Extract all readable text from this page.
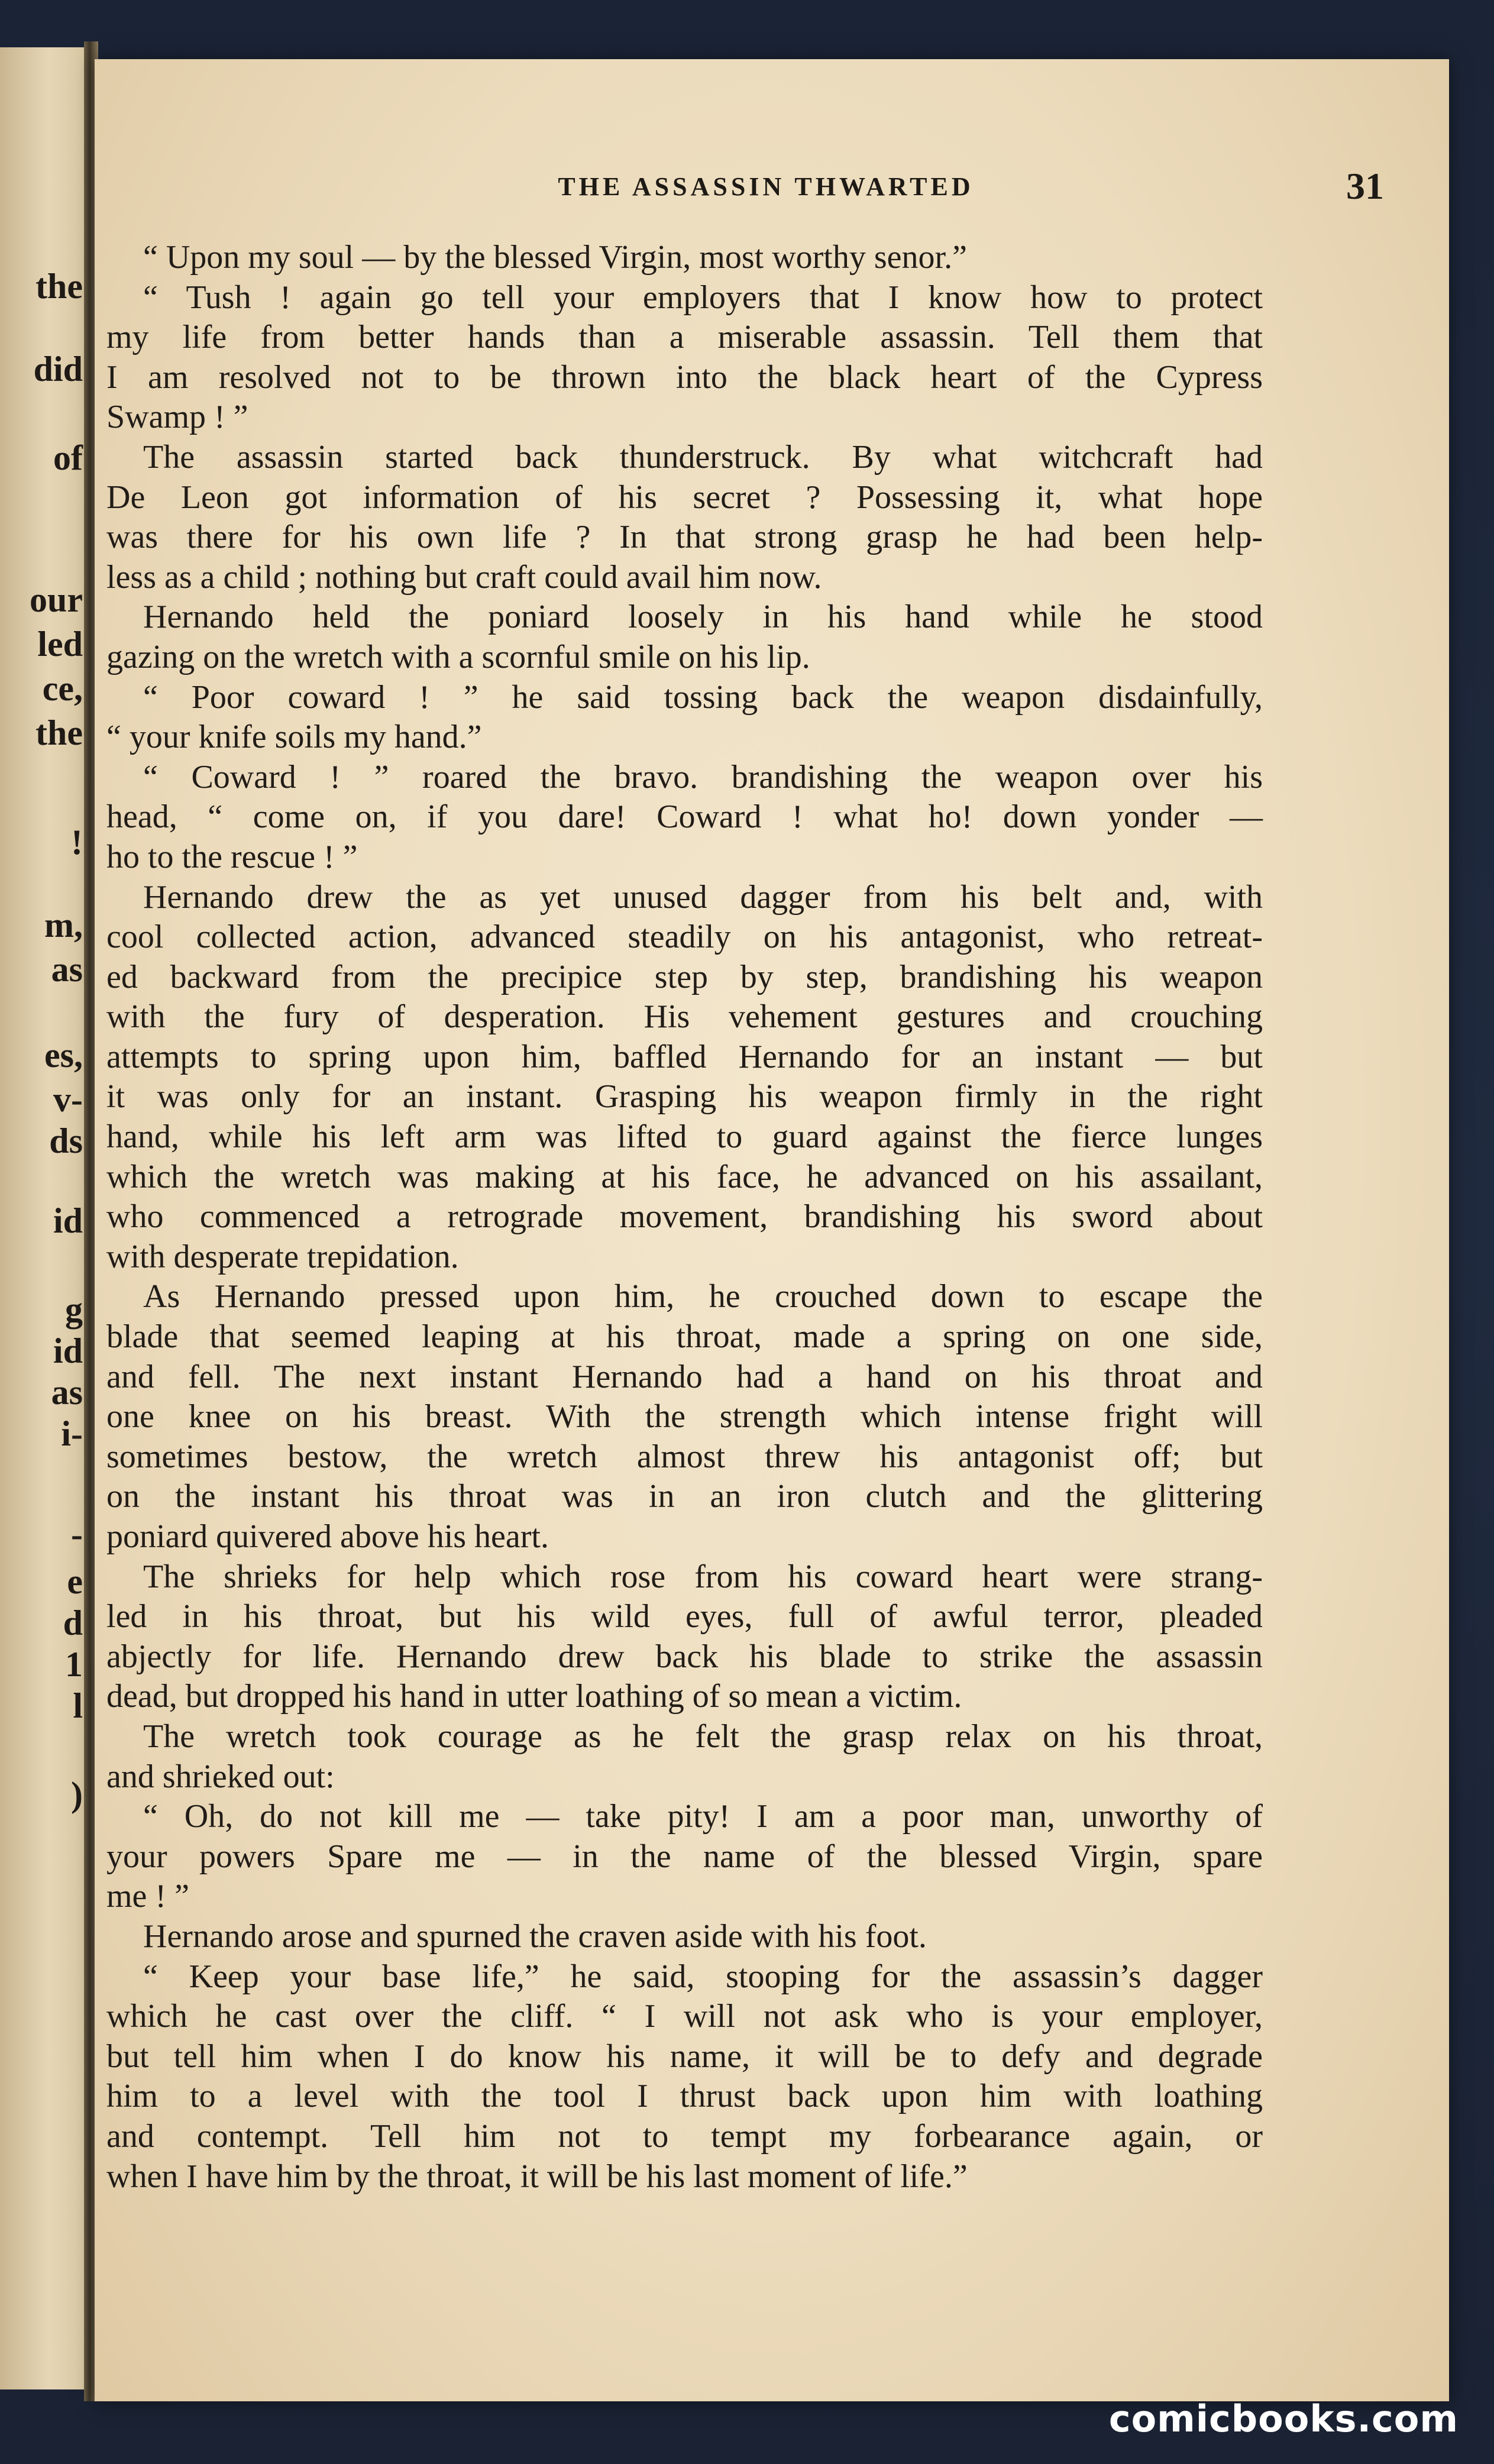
the
did
of
our
led
ce,
the
!
m,
as
es,
v-
ds
id
g
id
as
i-
-
e
d
1
l
)
THE ASSASSIN THWARTED	31
“ Upon my soul — by the blessed Virgin, most worthy senor.”
“ Tush ! again go tell your employers that I know how to protect
my life from better hands than a miserable assassin. Tell them that
I am resolved not to be thrown into the black heart of the Cypress
Swamp ! ”
The assassin started back thunderstruck. By what witchcraft had
De Leon got information of his secret ? Possessing it, what hope
was there for his own life ? In that strong grasp he had been help-
less as a child ; nothing but craft could avail him now.
Hernando held the poniard loosely in his hand while he stood
gazing on the wretch with a scornful smile on his lip.
“ Poor coward ! ” he said tossing back the weapon disdainfully,
“ your knife soils my hand.”
“ Coward ! ” roared the bravo. brandishing the weapon over his
head, “ come on, if you dare! Coward ! what ho! down yonder —
ho to the rescue ! ”
Hernando drew the as yet unused dagger from his belt and, with
cool collected action, advanced steadily on his antagonist, who retreat-
ed backward from the precipice step by step, brandishing his weapon
with the fury of desperation. His vehement gestures and crouching
attempts to spring upon him, baffled Hernando for an instant — but
it was only for an instant. Grasping his weapon firmly in the right
hand, while his left arm was lifted to guard against the fierce lunges
which the wretch was making at his face, he advanced on his assailant,
who commenced a retrograde movement, brandishing his sword about
with desperate trepidation.
As Hernando pressed upon him, he crouched down to escape the
blade that seemed leaping at his throat, made a spring on one side,
and fell. The next instant Hernando had a hand on his throat and
one knee on his breast. With the strength which intense fright will
sometimes bestow, the wretch almost threw his antagonist off; but
on the instant his throat was in an iron clutch and the glittering
poniard quivered above his heart.
The shrieks for help which rose from his coward heart were strang-
led in his throat, but his wild eyes, full of awful terror, pleaded
abjectly for life. Hernando drew back his blade to strike the assassin
dead, but dropped his hand in utter loathing of so mean a victim.
The wretch took courage as he felt the grasp relax on his throat,
and shrieked out:
“ Oh, do not kill me — take pity! I am a poor man, unworthy of
your powers Spare me — in the name of the blessed Virgin, spare
me ! ”
Hernando arose and spurned the craven aside with his foot.
“ Keep your base life,” he said, stooping for the assassin’s dagger
which he cast over the cliff. “ I will not ask who is your employer,
but tell him when I do know his name, it will be to defy and degrade
him to a level with the tool I thrust back upon him with loathing
and contempt. Tell him not to tempt my forbearance again, or
when I have him by the throat, it will be his last moment of life.”
comicbooks.com
